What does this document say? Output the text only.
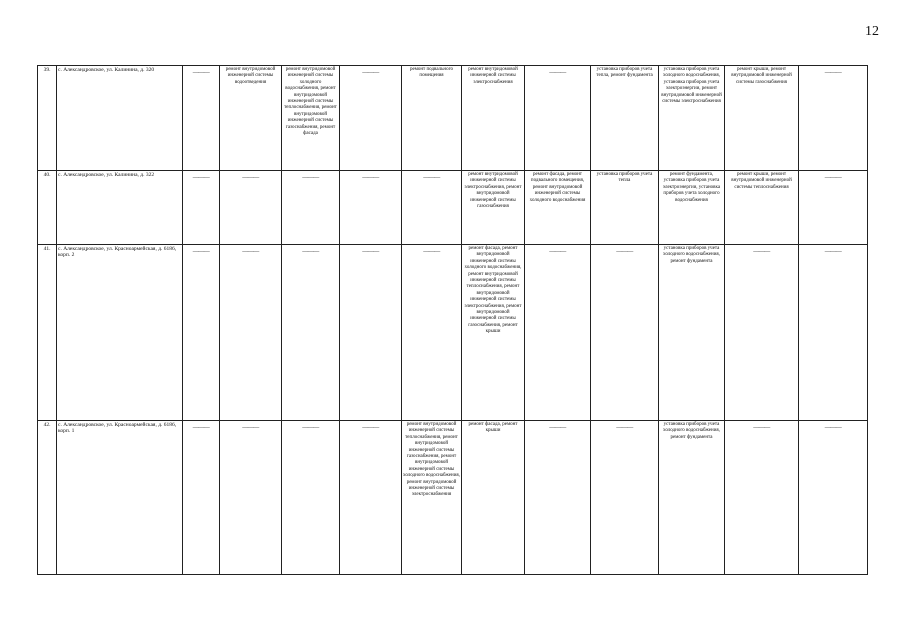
12
39.	с. Александровское, ул. Калинина, д. 320	———	ремонт внутридомовой инженерной системы водоотведения	ремонт внутридомовой инженерной системы холодного водоснабжения, ремонт внутридомовой инженерной системы теплоснабжения, ремонт внутридомовой инженерной системы газоснабжения, ремонт фасада	———	ремонт подвального помещения	ремонт внутридомовой инженерной системы электроснабжения	———	установка приборов учета тепла, ремонт фундамента	установка приборов учета холодного водоснабжения, установка приборов учета электроэнергии, ремонт внутридомовой инженерной системы электроснабжения	ремонт крыши, ремонт внутридомовой инженерной системы газоснабжения	———
40.	с. Александровское, ул. Калинина, д. 322	———	———	———	———	———	ремонт внутридомовой инженерной системы электроснабжения, ремонт внутридомовой инженерной системы газоснабжения	ремонт фасада, ремонт подвального помещения, ремонт внутридомовой инженерной системы холодного водоснабжения	установка приборов учета тепла	ремонт фундамента, установка приборов учета электроэнергии, установка приборов учета холодного водоснабжения	ремонт крыши, ремонт внутридомовой инженерной системы теплоснабжения	———
41.	с. Александровское, ул. Красноармейская, д. 6186, корп. 2	———	———	———	———	———	ремонт фасада, ремонт внутридомовой инженерной системы холодного водоснабжения, ремонт внутридомовой инженерной системы теплоснабжения, ремонт внутридомовой инженерной системы электроснабжения, ремонт внутридомовой инженерной системы газоснабжения, ремонт крыши	———	———	установка приборов учета холодного водоснабжения, ремонт фундамента	———	———
42.	с. Александровское, ул. Красноармейская, д. 6186, корп. 1	———	———	———	———	ремонт внутридомовой инженерной системы теплоснабжения, ремонт внутридомовой инженерной системы газоснабжения, ремонт внутридомовой инженерной системы холодного водоснабжения, ремонт внутридомовой инженерной системы электроснабжения	ремонт фасада, ремонт крыши	———	———	установка приборов учета холодного водоснабжения, ремонт фундамента	———	———
